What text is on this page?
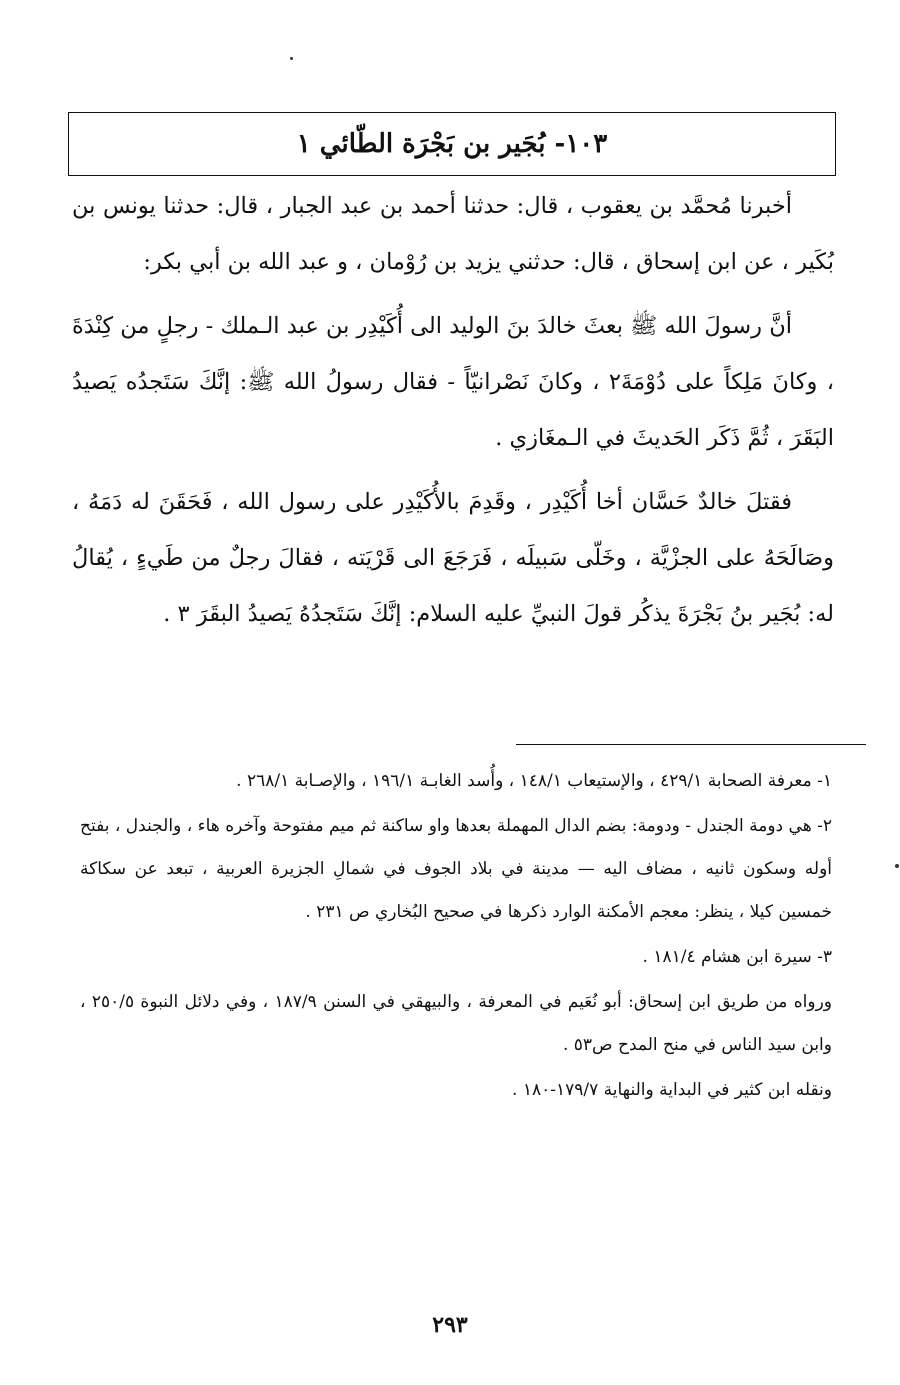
١٠٣- بُجَير بن بَجْرَة الطّائي ١

أخبرنا مُحمَّد بن يعقوب ، قال: حدثنا أحمد بن عبد الجبار ، قال: حدثنا يونس بن بُكَير ، عن ابن إسحاق ، قال: حدثني يزيد بن رُوْمان ، و عبد الله بن أبي بكر:

أنَّ رسولَ الله ﷺ بعثَ خالدَ بنَ الوليد الى أُكَيْدِر بن عبد الـملك - رجلٍ من كِنْدَةَ ، وكانَ مَلِكاً على دُوْمَةَ٢ ، وكانَ نَصْرانيّاً - فقال رسولُ الله ﷺ: إنَّكَ سَتَجدُه يَصيدُ البَقَرَ ، ثُمَّ ذَكَر الحَديثَ في الـمغَازي .

فقتلَ خالدٌ حَسَّان أخا أُكَيْدِر ، وقَدِمَ بالأُكَيْدِر على رسول الله ، فَحَقَنَ له دَمَهُ ، وصَالَحَهُ على الجزْيَّة ، وخَلّى سَبيلَه ، فَرَجَعَ الى قَرْيَته ، فقالَ رجلٌ من طَيءٍ ، يُقالُ له: بُجَير بنُ بَجْرَةَ يذكُر قولَ النبيِّ عليه السلام: إنَّكَ سَتَجدُهُ يَصيدُ البقَرَ ٣ .

١- معرفة الصحابة ٤٢٩/١ ، والإستيعاب ١٤٨/١ ، وأُسد الغابـة ١٩٦/١ ، والإصـابة ٢٦٨/١ .

٢- هي دومة الجندل - ودومة: بضم الدال المهملة بعدها واو ساكنة ثم ميم مفتوحة وآخره هاء ، والجندل ، بفتح أوله وسكون ثانيه ، مضاف اليه — مدينة في بلاد الجوف في شمالِ الجزيرة العربية ، تبعد عن سكاكة خمسين كيلا ، ينظر: معجم الأمكنة الوارد ذكرها في صحيح البُخاري ص ٢٣١ .

٣- سيرة ابن هشام ١٨١/٤ .

ورواه من طريق ابن إسحاق: أبو نُعَيم في المعرفة ، والبيهقي في السنن ١٨٧/٩ ، وفي دلائل النبوة ٢٥٠/٥ ، وابن سيد الناس في منح المدح ص٥٣ .

ونقله ابن كثير في البداية والنهاية ١٧٩/٧-١٨٠ .

٢٩٣
